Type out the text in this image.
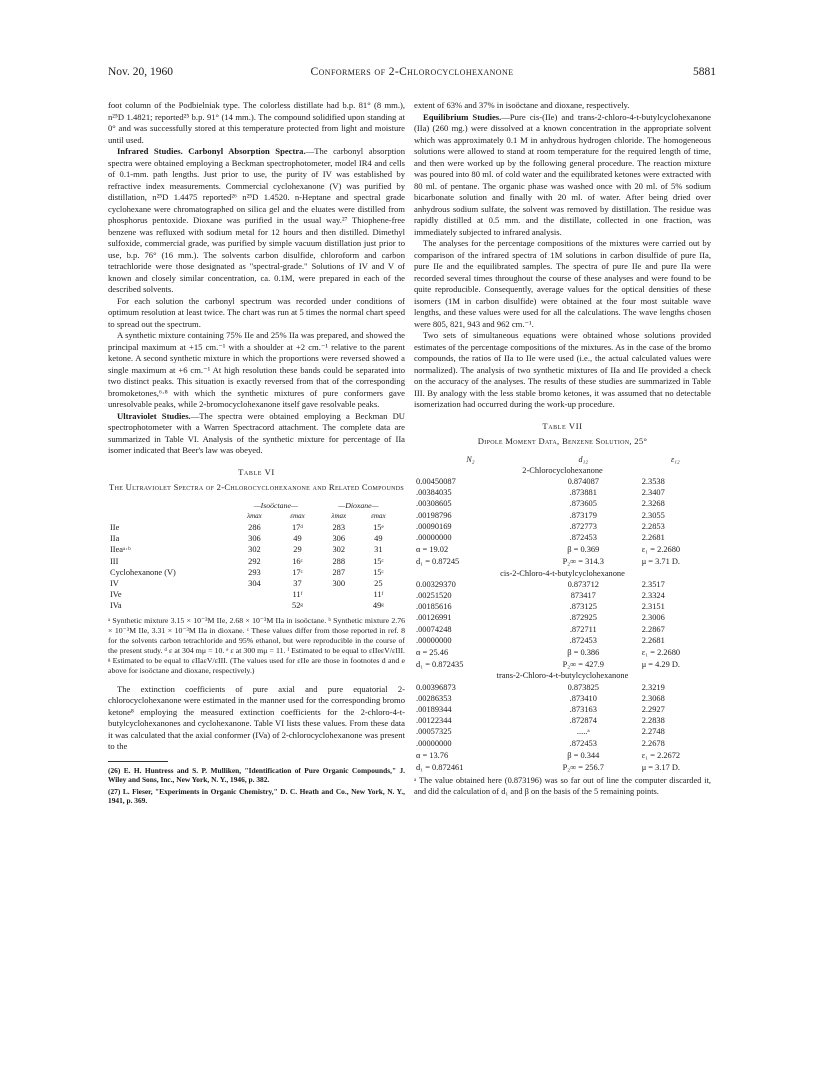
Nov. 20, 1960	Conformers of 2-Chlorocyclohexanone	5881

foot column of the Podbielniak type. The colorless distillate had b.p. 81° (8 mm.), n²⁵D 1.4821; reported²⁵ b.p. 91° (14 mm.). The compound solidified upon standing at 0° and was successfully stored at this temperature protected from light and moisture until used.

Infrared Studies. Carbonyl Absorption Spectra.—The carbonyl absorption spectra were obtained employing a Beckman spectrophotometer, model IR4 and cells of 0.1-mm. path lengths. Just prior to use, the purity of IV was established by refractive index measurements. Commercial cyclohexanone (V) was purified by distillation, n²⁵D 1.4475 reported²⁶ n²⁵D 1.4520. n-Heptane and spectral grade cyclohexane were chromatographed on silica gel and the eluates were distilled from phosphorus pentoxide. Dioxane was purified in the usual way.²⁷ Thiophene-free benzene was refluxed with sodium metal for 12 hours and then distilled. Dimethyl sulfoxide, commercial grade, was purified by simple vacuum distillation just prior to use, b.p. 76° (16 mm.). The solvents carbon disulfide, chloroform and carbon tetrachloride were those designated as "spectral-grade." Solutions of IV and V of known and closely similar concentration, ca. 0.1M, were prepared in each of the described solvents.

For each solution the carbonyl spectrum was recorded under conditions of optimum resolution at least twice. The chart was run at 5 times the normal chart speed to spread out the spectrum.

A synthetic mixture containing 75% IIe and 25% IIa was prepared, and showed the principal maximum at +15 cm.⁻¹ with a shoulder at +2 cm.⁻¹ relative to the parent ketone. A second synthetic mixture in which the proportions were reversed showed a single maximum at +6 cm.⁻¹ At high resolution these bands could be separated into two distinct peaks. This situation is exactly reversed from that of the corresponding bromoketones,⁶·⁸ with which the synthetic mixtures of pure conformers gave unresolvable peaks, while 2-bromocyclohexanone itself gave resolvable peaks.

Ultraviolet Studies.—The spectra were obtained employing a Beckman DU spectrophotometer with a Warren Spectracord attachment. The complete data are summarized in Table VI. Analysis of the synthetic mixture for percentage of IIa isomer indicated that Beer's law was obeyed.

Table VI
The Ultraviolet Spectra of 2-Chlorocyclohexanone and Related Compounds
	—Isoöctane—		—Dioxane—	
	λmax	εmax	λmax	εmax
IIe	286	17ᵈ	283	15ᵉ
IIa	306	49	306	49
IIeaᵃ·ᵇ	302	29	302	31
III	292	16ᶜ	288	15ᶜ
Cyclohexanone (V)	293	17ᶜ	287	15ᶜ
IV	304	37	300	25
IVe		11ᶠ		11ᶠ
IVa		52ᵍ		49ᵍ
ᵃ Synthetic mixture 3.15 × 10⁻³M IIe, 2.68 × 10⁻³M IIa in isoöctane. ᵇ Synthetic mixture 2.76 × 10⁻³M IIe, 3.31 × 10⁻³M IIa in dioxane. ᶜ These values differ from those reported in ref. 8 for the solvents carbon tetrachloride and 95% ethanol, but were reproducible in the course of the present study. ᵈ ε at 304 mμ = 10. ᵉ ε at 300 mμ = 11. ᶠ Estimated to be equal to εIIeεV/εIII. ᵍ Estimated to be equal to εIIaεV/εIII. (The values used for εIIe are those in footnotes d and e above for isoöctane and dioxane, respectively.)

The extinction coefficients of pure axial and pure equatorial 2-chlorocyclohexanone were estimated in the manner used for the corresponding bromo ketone⁸ employing the measured extinction coefficients for the 2-chloro-4-t-butylcyclohexanones and cyclohexanone. Table VI lists these values. From these data it was calculated that the axial conformer (IVa) of 2-chlorocyclohexanone was present to the

(26) E. H. Huntress and S. P. Mulliken, "Identification of Pure Organic Compounds," J. Wiley and Sons, Inc., New York, N. Y., 1946, p. 382.

(27) L. Fieser, "Experiments in Organic Chemistry," D. C. Heath and Co., New York, N. Y., 1941, p. 369.

extent of 63% and 37% in isoöctane and dioxane, respectively.

Equilibrium Studies.—Pure cis-(IIe) and trans-2-chloro-4-t-butylcyclohexanone (IIa) (260 mg.) were dissolved at a known concentration in the appropriate solvent which was approximately 0.1 M in anhydrous hydrogen chloride. The homogeneous solutions were allowed to stand at room temperature for the required length of time, and then were worked up by the following general procedure. The reaction mixture was poured into 80 ml. of cold water and the equilibrated ketones were extracted with 80 ml. of pentane. The organic phase was washed once with 20 ml. of 5% sodium bicarbonate solution and finally with 20 ml. of water. After being dried over anhydrous sodium sulfate, the solvent was removed by distillation. The residue was rapidly distilled at 0.5 mm. and the distillate, collected in one fraction, was immediately subjected to infrared analysis.

The analyses for the percentage compositions of the mixtures were carried out by comparison of the infrared spectra of 1M solutions in carbon disulfide of pure IIa, pure IIe and the equilibrated samples. The spectra of pure IIe and pure IIa were recorded several times throughout the course of these analyses and were found to be quite reproducible. Consequently, average values for the optical densities of these isomers (1M in carbon disulfide) were obtained at the four most suitable wave lengths, and these values were used for all the calculations. The wave lengths chosen were 805, 821, 943 and 962 cm.⁻¹.

Two sets of simultaneous equations were obtained whose solutions provided estimates of the percentage compositions of the mixtures. As in the case of the bromo compounds, the ratios of IIa to IIe were used (i.e., the actual calculated values were normalized). The analysis of two synthetic mixtures of IIa and IIe provided a check on the accuracy of the analyses. The results of these studies are summarized in Table III. By analogy with the less stable bromo ketones, it was assumed that no detectable isomerization had occurred during the work-up procedure.

Table VII
Dipole Moment Data, Benzene Solution, 25°
N₂	d₁₂	ε₁₂
2-Chlorocyclohexanone		
0.00450087	0.874087	2.3538
.00384035	.873881	2.3407
.00308605	.873605	2.3268
.00198796	.873179	2.3055
.00090169	.872773	2.2853
.00000000	.872453	2.2681
α = 19.02	β = 0.369	ε₁ = 2.2680
d₁ = 0.87245	P₂∞ = 314.3	μ = 3.71 D.
cis-2-Chloro-4-t-butylcyclohexanone		
0.00329370	0.873712	2.3517
.00251520	873417	2.3324
.00185616	.873125	2.3151
.00126991	.872925	2.3006
.00074248	.872711	2.2867
.00000000	.872453	2.2681
α = 25.46	β = 0.386	ε₁ = 2.2680
d₁ = 0.872435	P₂∞ = 427.9	μ = 4.29 D.
trans-2-Chloro-4-t-butylcyclohexanone		
0.00396873	0.873825	2.3219
.00286353	.873410	2.3068
.00189344	.873163	2.2927
.00122344	.872874	2.2838
.00057325	.....ᵃ	2.2748
.00000000	.872453	2.2678
α = 13.76	β = 0.344	ε₁ = 2.2672
d₁ = 0.872461	P₂∞ = 256.7	μ = 3.17 D.
ᵃ The value obtained here (0.873196) was so far out of line the computer discarded it, and did the calculation of d₁ and β on the basis of the 5 remaining points.
